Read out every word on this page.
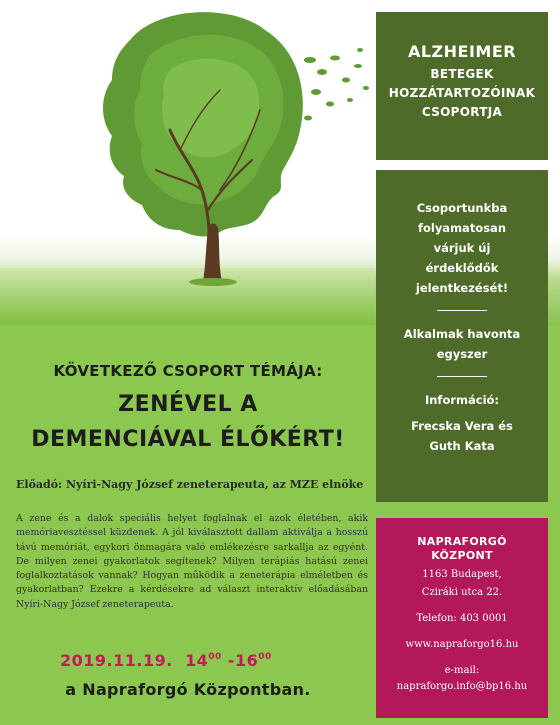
ALZHEIMER
BETEGEK
HOZZÁTARTOZÓINAK
CSOPORTJA

Csoportunkba

folyamatosan

várjuk új

érdeklődők

jelentkezését!

Alkalmak havonta

egyszer

Információ:

Frecska Vera és

Guth Kata

KÖVETKEZŐ CSOPORT TÉMÁJA:
ZENÉVEL A
DEMENCIÁVAL ÉLŐKÉRT!
Előadó: Nyíri-Nagy József zeneterapeuta, az MZE elnöke
A zene és a dalok speciális helyet foglalnak el azok életében, akik memóriavesztéssel küzdenek. A jól kiválasztott dallam aktiválja a hosszú távú memóriát, egykori önmagára való emlékezésre sarkallja az egyént. De milyen zenei gyakorlatok segítenek? Milyen terápiás hatású zenei foglalkoztatások vannak? Hogyan működik a zeneterápia elméletben és gyakorlatban? Ezekre a kérdésekre ad választ interaktív előadásában Nyíri-Nagy József zeneterapeuta.
2019.11.19. $14^{00}$ $-16^{00}$
a Napraforgó Központban.
NAPRAFORGÓ
KÖZPONT
1163 Budapest,
Cziráki utca 22.
Telefon: 403 0001
www.napraforgo16.hu
e-mail:
napraforgo.info@bp16.hu
